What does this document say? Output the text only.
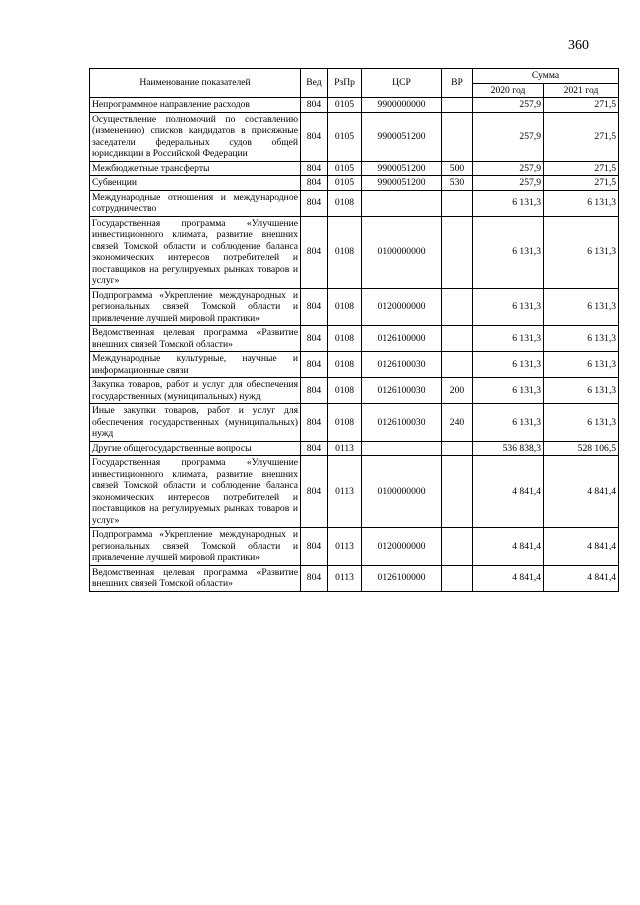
360
Наименование показателей	Вед	РзПр	ЦСР	ВР	Сумма	
					2020 год	2021 год
Непрограммное направление расходов	804	0105	9900000000		257,9	271,5
Осуществление полномочий по составлению (изменению) списков кандидатов в присяжные заседатели федеральных судов общей юрисдикции в Российской Федерации	804	0105	9900051200		257,9	271,5
Межбюджетные трансферты	804	0105	9900051200	500	257,9	271,5
Субвенции	804	0105	9900051200	530	257,9	271,5
Международные отношения и международное сотрудничество	804	0108			6 131,3	6 131,3
Государственная программа «Улучшение инвестиционного климата, развитие внешних связей Томской области и соблюдение баланса экономических интересов потребителей и поставщиков на регулируемых рынках товаров и услуг»	804	0108	0100000000		6 131,3	6 131,3
Подпрограмма «Укрепление международных и региональных связей Томской области и привлечение лучшей мировой практики»	804	0108	0120000000		6 131,3	6 131,3
Ведомственная целевая программа «Развитие внешних связей Томской области»	804	0108	0126100000		6 131,3	6 131,3
Международные культурные, научные и информационные связи	804	0108	0126100030		6 131,3	6 131,3
Закупка товаров, работ и услуг для обеспечения государственных (муниципальных) нужд	804	0108	0126100030	200	6 131,3	6 131,3
Иные закупки товаров, работ и услуг для обеспечения государственных (муниципальных) нужд	804	0108	0126100030	240	6 131,3	6 131,3
Другие общегосударственные вопросы	804	0113			536 838,3	528 106,5
Государственная программа «Улучшение инвестиционного климата, развитие внешних связей Томской области и соблюдение баланса экономических интересов потребителей и поставщиков на регулируемых рынках товаров и услуг»	804	0113	0100000000		4 841,4	4 841,4
Подпрограмма «Укрепление международных и региональных связей Томской области и привлечение лучшей мировой практики»	804	0113	0120000000		4 841,4	4 841,4
Ведомственная целевая программа «Развитие внешних связей Томской области»	804	0113	0126100000		4 841,4	4 841,4
